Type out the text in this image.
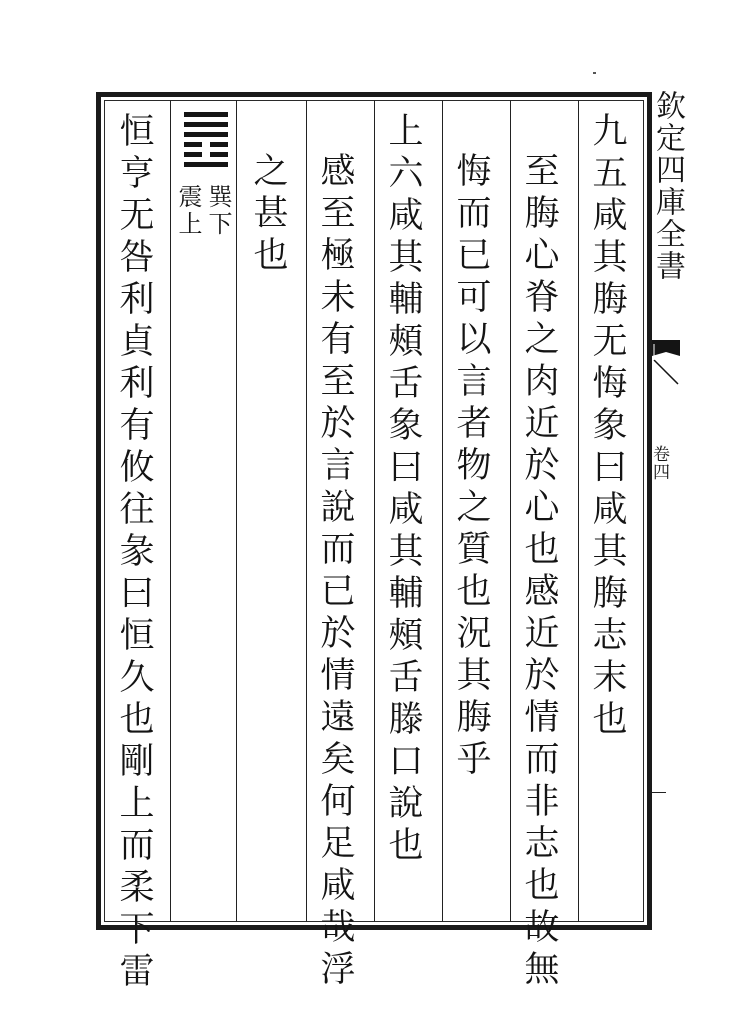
欽定四庫全書
卷四
九五咸其脢无悔象曰咸其脢志末也
至脢心脊之肉近於心也感近於情而非志也故無
悔而已可以言者物之質也況其脢乎
上六咸其輔頰舌象曰咸其輔頰舌滕口說也
感至極未有至於言說而已於情遠矣何足咸哉浮
之甚也
恒亨无咎利貞利有攸往彖曰恒久也剛上而柔下雷 巽下
震上
